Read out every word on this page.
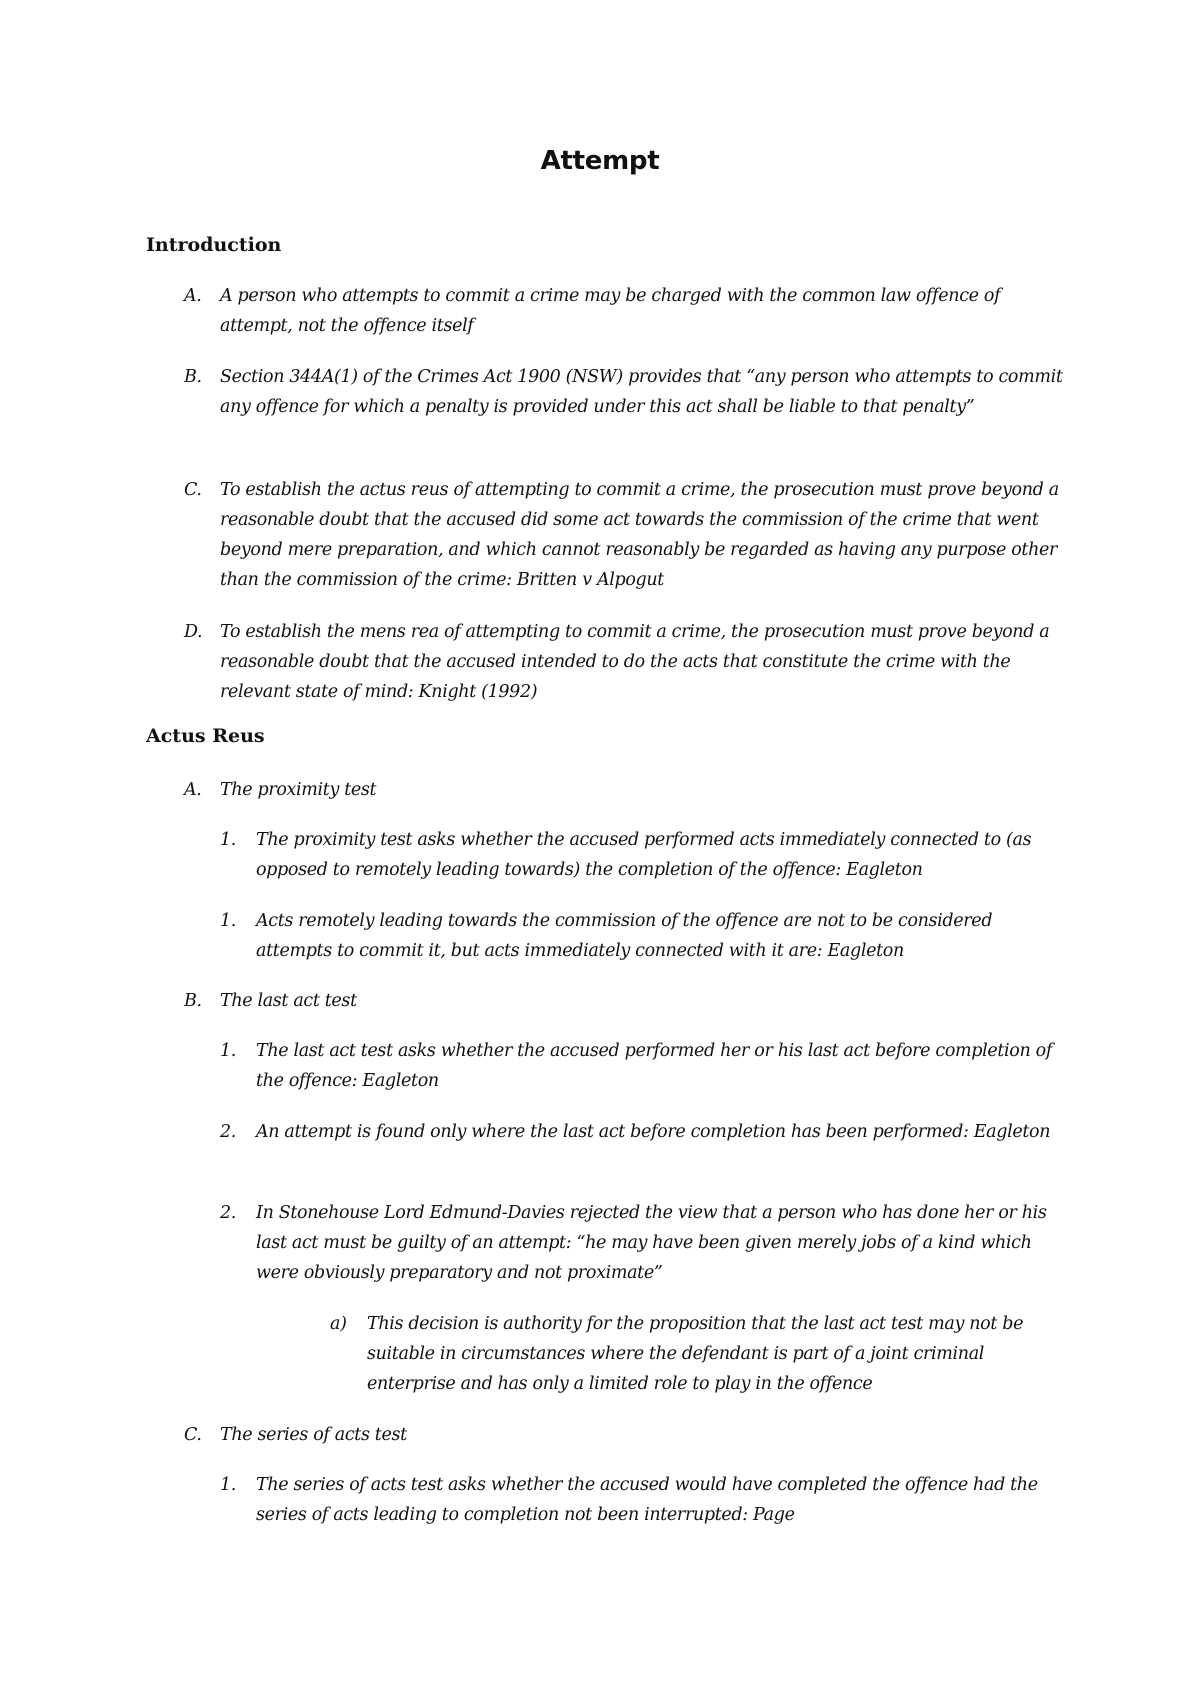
Attempt
Introduction
A. A person who attempts to commit a crime may be charged with the common law offence of attempt, not the offence itself
B. Section 344A(1) of the Crimes Act 1900 (NSW) provides that “any person who attempts to commit any offence for which a penalty is provided under this act shall be liable to that penalty”
C. To establish the actus reus of attempting to commit a crime, the prosecution must prove beyond a reasonable doubt that the accused did some act towards the commission of the crime that went beyond mere preparation, and which cannot reasonably be regarded as having any purpose other than the commission of the crime: Britten v Alpogut
D. To establish the mens rea of attempting to commit a crime, the prosecution must prove beyond a reasonable doubt that the accused intended to do the acts that constitute the crime with the relevant state of mind: Knight (1992)
Actus Reus
A. The proximity test
1. The proximity test asks whether the accused performed acts immediately connected to (as opposed to remotely leading towards) the completion of the offence: Eagleton
1. Acts remotely leading towards the commission of the offence are not to be considered attempts to commit it, but acts immediately connected with it are: Eagleton
B. The last act test
1. The last act test asks whether the accused performed her or his last act before completion of the offence: Eagleton
2. An attempt is found only where the last act before completion has been performed: Eagleton
2. In Stonehouse Lord Edmund-Davies rejected the view that a person who has done her or his last act must be guilty of an attempt: “he may have been given merely jobs of a kind which were obviously preparatory and not proximate”
a) This decision is authority for the proposition that the last act test may not be suitable in circumstances where the defendant is part of a joint criminal enterprise and has only a limited role to play in the offence
C. The series of acts test
1. The series of acts test asks whether the accused would have completed the offence had the series of acts leading to completion not been interrupted: Page
